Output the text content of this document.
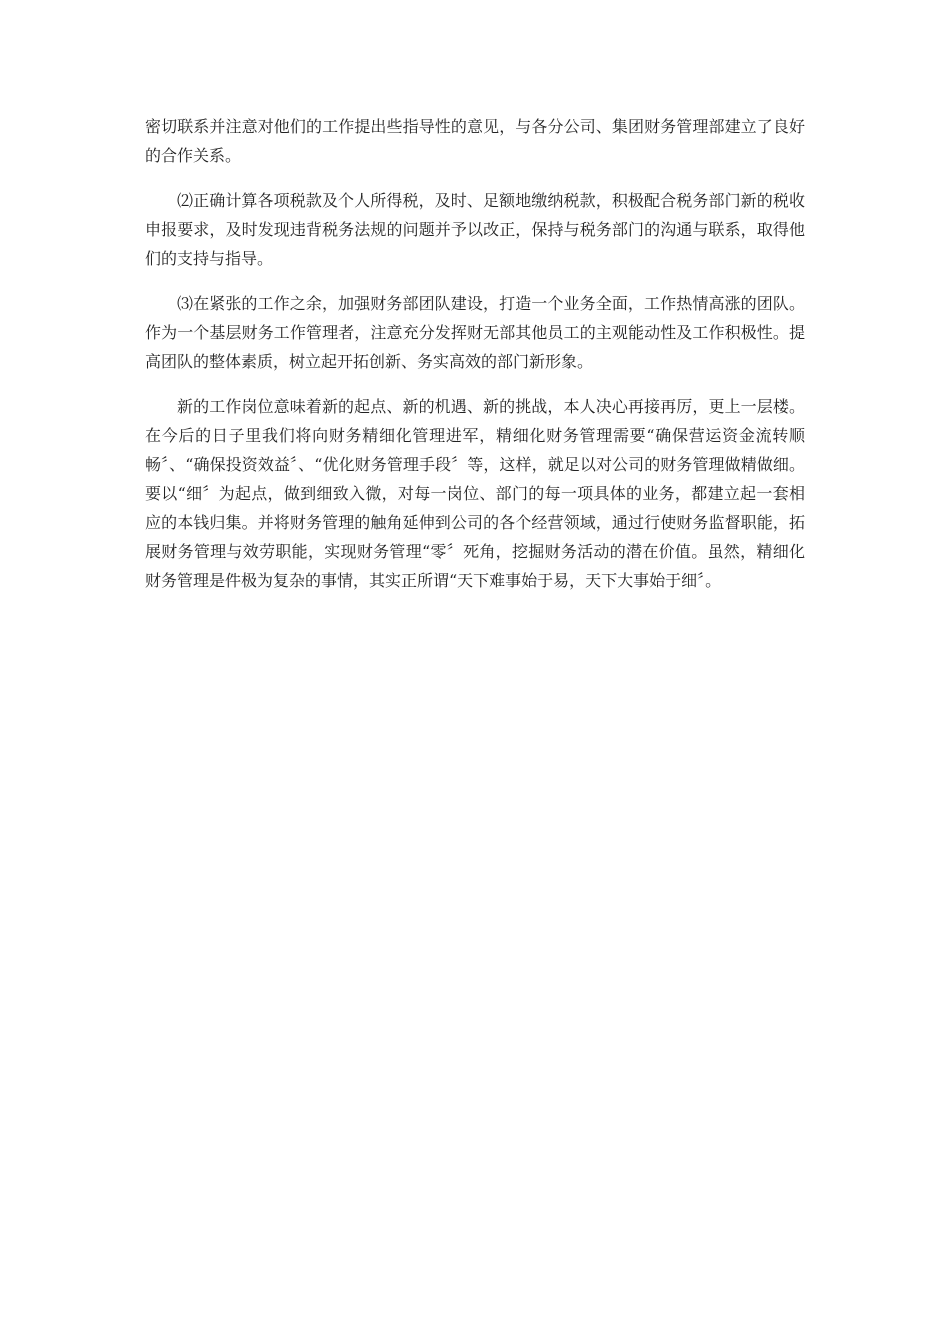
密切联系并注意对他们的工作提出些指导性的意见，与各分公司、集团财务管理部建立了良好的合作关系。

⑵正确计算各项税款及个人所得税，及时、足额地缴纳税款，积极配合税务部门新的税收申报要求，及时发现违背税务法规的问题并予以改正，保持与税务部门的沟通与联系，取得他们的支持与指导。

⑶在紧张的工作之余，加强财务部团队建设，打造一个业务全面，工作热情高涨的团队。作为一个基层财务工作管理者，注意充分发挥财无部其他员工的主观能动性及工作积极性。提高团队的整体素质，树立起开拓创新、务实高效的部门新形象。

新的工作岗位意味着新的起点、新的机遇、新的挑战，本人决心再接再厉，更上一层楼。在今后的日子里我们将向财务精细化管理进军，精细化财务管理需要“确保营运资金流转顺畅〞、“确保投资效益〞、“优化财务管理手段〞等，这样，就足以对公司的财务管理做精做细。要以“细〞为起点，做到细致入微，对每一岗位、部门的每一项具体的业务，都建立起一套相应的本钱归集。并将财务管理的触角延伸到公司的各个经营领域，通过行使财务监督职能，拓展财务管理与效劳职能，实现财务管理“零〞死角，挖掘财务活动的潜在价值。虽然，精细化财务管理是件极为复杂的事情，其实正所谓“天下难事始于易，天下大事始于细〞。
